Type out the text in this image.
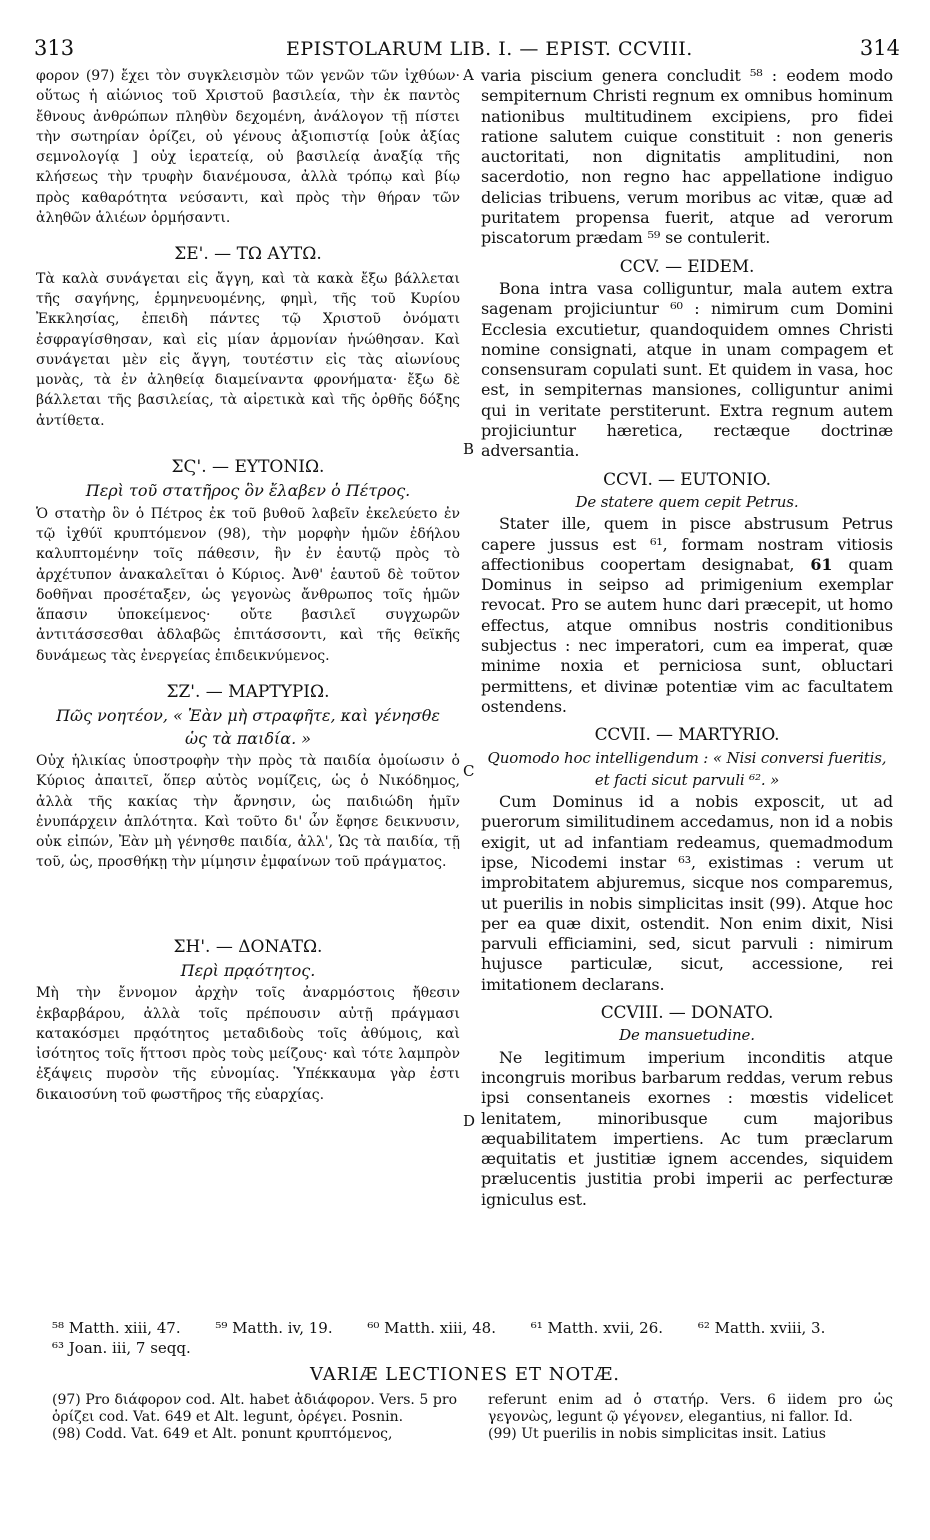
313	EPISTOLARUM LIB. I. — EPIST. CCVIII.	314

φορον (97) ἔχει τὸν συγκλεισμὸν τῶν γενῶν τῶν ἰχθύων· οὕτως ἡ αἰώνιος τοῦ Χριστοῦ βασιλεία, τὴν ἐκ παντὸς ἔθνους ἀνθρώπων πληθὺν δεχομένη, ἀνάλογον τῇ πίστει τὴν σωτηρίαν ὁρίζει, οὐ γένους ἀξιοπιστίᾳ [οὐκ ἀξίας σεμνολογίᾳ ] οὐχ ἱερατείᾳ, οὐ βασιλείᾳ ἀναξίᾳ τῆς κλήσεως τὴν τρυφὴν διανέμουσα, ἀλλὰ τρόπῳ καὶ βίῳ πρὸς καθαρότητα νεύσαντι, καὶ πρὸς τὴν θήραν τῶν ἀληθῶν ἁλιέων ὁρμήσαντι.

ΣΕ'. — ΤΩ ΑΥΤΩ.

Τὰ καλὰ συνάγεται εἰς ἄγγη, καὶ τὰ κακὰ ἔξω βάλλεται τῆς σαγήνης, ἑρμηνευομένης, φημὶ, τῆς τοῦ Κυρίου Ἐκκλησίας, ἐπειδὴ πάντες τῷ Χριστοῦ ὀνόματι ἐσφραγίσθησαν, καὶ εἰς μίαν ἁρμονίαν ἡνώθησαν. Καὶ συνάγεται μὲν εἰς ἄγγη, τουτέστιν εἰς τὰς αἰωνίους μονὰς, τὰ ἐν ἀληθείᾳ διαμείναντα φρονήματα· ἔξω δὲ βάλλεται τῆς βασιλείας, τὰ αἱρετικὰ καὶ τῆς ὀρθῆς δόξης ἀντίθετα.

ΣϚ'. — ΕΥΤΟΝΙΩ.
Περὶ τοῦ στατῆρος ὃν ἔλαβεν ὁ Πέτρος.

Ὁ στατὴρ ὃν ὁ Πέτρος ἐκ τοῦ βυθοῦ λαβεῖν ἐκελεύετο ἐν τῷ ἰχθύϊ κρυπτόμενον (98), τὴν μορφὴν ἡμῶν ἐδήλου καλυπτομένην τοῖς πάθεσιν, ἣν ἐν ἑαυτῷ πρὸς τὸ ἀρχέτυπον ἀνακαλεῖται ὁ Κύριος. Ἀνθ' ἑαυτοῦ δὲ τοῦτον δοθῆναι προσέταξεν, ὡς γεγονὼς ἄνθρωπος τοῖς ἡμῶν ἅπασιν ὑποκείμενος· οὔτε βασιλεῖ συγχωρῶν ἀντιτάσσεσθαι ἀδλαβῶς ἐπιτάσσοντι, καὶ τῆς θεϊκῆς δυνάμεως τὰς ἐνεργείας ἐπιδεικνύμενος.

ΣΖ'. — ΜΑΡΤΥΡΙΩ.
Πῶς νοητέον, « Ἐὰν μὴ στραφῆτε, καὶ γένησθε
ὡς τὰ παιδία. »

Οὐχ ἡλικίας ὑποστροφὴν τὴν πρὸς τὰ παιδία ὁμοίωσιν ὁ Κύριος ἀπαιτεῖ, ὅπερ αὐτὸς νομίζεις, ὡς ὁ Νικόδημος, ἀλλὰ τῆς κακίας τὴν ἄρνησιν, ὡς παιδιώδη ἡμῖν ἐνυπάρχειν ἁπλότητα. Καὶ τοῦτο δι' ὧν ἔφησε δεικνυσιν, οὐκ εἰπών, Ἐὰν μὴ γένησθε παιδία, ἀλλ', Ὡς τὰ παιδία, τῇ τοῦ, ὡς, προσθήκῃ τὴν μίμησιν ἐμφαίνων τοῦ πράγματος.

ΣΗ'. — ΔΟΝΑΤΩ.
Περὶ πρᾳότητος.

Μὴ τὴν ἔννομον ἀρχὴν τοῖς ἀναρμόστοις ἤθεσιν ἐκβαρβάρου, ἀλλὰ τοῖς πρέπουσιν αὐτῇ πράγμασι κατακόσμει πρᾳότητος μεταδιδοὺς τοῖς ἀθύμοις, καὶ ἰσότητος τοῖς ἥττοσι πρὸς τοὺς μείζους· καὶ τότε λαμπρὸν ἐξάψεις πυρσὸν τῆς εὐνομίας. Ὑπέκκαυμα γὰρ ἐστι δικαιοσύνη τοῦ φωστῆρος τῆς εὐαρχίας.

A
B
C
D

varia piscium genera concludit ⁵⁸ : eodem modo sempiternum Christi regnum ex omnibus hominum nationibus multitudinem excipiens, pro fidei ratione salutem cuique constituit : non generis auctoritati, non dignitatis amplitudini, non sacerdotio, non regno hac appellatione indiguo delicias tribuens, verum moribus ac vitæ, quæ ad puritatem propensa fuerit, atque ad verorum piscatorum prædam ⁵⁹ se contulerit.

CCV. — EIDEM.

Bona intra vasa colliguntur, mala autem extra sagenam projiciuntur ⁶⁰ : nimirum cum Domini Ecclesia excutietur, quandoquidem omnes Christi nomine consignati, atque in unam compagem et consensuram copulati sunt. Et quidem in vasa, hoc est, in sempiternas mansiones, colliguntur animi qui in veritate perstiterunt. Extra regnum autem projiciuntur hæretica, rectæque doctrinæ adversantia.

CCVI. — EUTONIO.
De statere quem cepit Petrus.

Stater ille, quem in pisce abstrusum Petrus capere jussus est ⁶¹, formam nostram vitiosis affectionibus coopertam designabat, 61 quam Dominus in seipso ad primigenium exemplar revocat. Pro se autem hunc dari præcepit, ut homo effectus, atque omnibus nostris conditionibus subjectus : nec imperatori, cum ea imperat, quæ minime noxia et perniciosa sunt, obluctari permittens, et divinæ potentiæ vim ac facultatem ostendens.

CCVII. — MARTYRIO.
Quomodo hoc intelligendum : « Nisi conversi fueritis,
et facti sicut parvuli ⁶². »

Cum Dominus id a nobis exposcit, ut ad puerorum similitudinem accedamus, non id a nobis exigit, ut ad infantiam redeamus, quemadmodum ipse, Nicodemi instar ⁶³, existimas : verum ut improbitatem abjuremus, sicque nos comparemus, ut puerilis in nobis simplicitas insit (99). Atque hoc per ea quæ dixit, ostendit. Non enim dixit, Nisi parvuli efficiamini, sed, sicut parvuli : nimirum hujusce particulæ, sicut, accessione, rei imitationem declarans.

CCVIII. — DONATO.
De mansuetudine.

Ne legitimum imperium inconditis atque incongruis moribus barbarum reddas, verum rebus ipsi consentaneis exornes : mœstis videlicet lenitatem, minoribusque cum majoribus æquabilitatem impertiens. Ac tum præclarum æquitatis et justitiæ ignem accendes, siquidem prælucentis justitia probi imperii ac perfecturæ igniculus est.

⁵⁸ Matth. xiii, 47.   ⁵⁹ Matth. iv, 19.   ⁶⁰ Matth. xiii, 48.   ⁶¹ Matth. xvii, 26.   ⁶² Matth. xviii, 3.
⁶³ Joan. iii, 7 seqq.
VARIÆ LECTIONES ET NOTÆ.

(97) Pro διάφορον cod. Alt. habet ἀδιάφορον. Vers. 5 pro ὁρίζει cod. Vat. 649 et Alt. legunt, ὀρέγει. Posnin.

(98) Codd. Vat. 649 et Alt. ponunt κρυπτόμενος,

referunt enim ad ὁ στατήρ. Vers. 6 iidem pro ὡς γεγονὼς, legunt ῷ γέγονεν, elegantius, ni fallor. Id.

(99) Ut puerilis in nobis simplicitas insit. Latius
